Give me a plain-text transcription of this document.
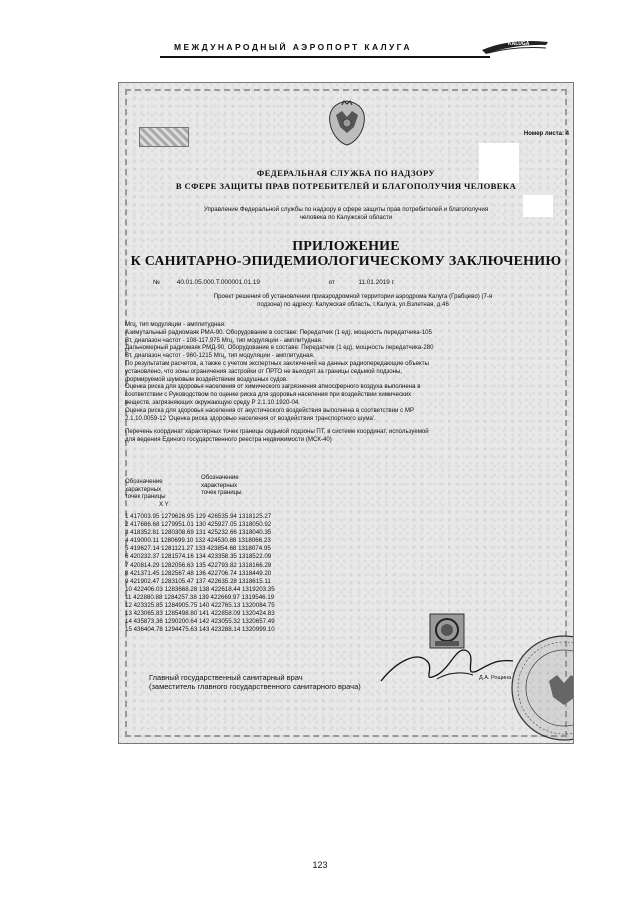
МЕЖДУНАРОДНЫЙ АЭРОПОРТ КАЛУГА	KALUGA
Номер листа: 4
ФЕДЕРАЛЬНАЯ СЛУЖБА ПО НАДЗОРУ
В СФЕРЕ ЗАЩИТЫ ПРАВ ПОТРЕБИТЕЛЕЙ И БЛАГОПОЛУЧИЯ ЧЕЛОВЕКА
Управление Федеральной службы по надзору в сфере защиты прав потребителей и благополучия
человека по Калужской области
ПРИЛОЖЕНИЕ
К САНИТАРНО-ЭПИДЕМИОЛОГИЧЕСКОМУ ЗАКЛЮЧЕНИЮ
№	40.01.05.000.Т.000001.01.19	от	11.01.2019 г.
Проект решения об установлении приаэродромной территории аэродрома Калуга (Грабцево) (7-я
подзона) по адресу: Калужская область, г.Калуга, ул.Взлетная, д.46
Мгц, тип модуляции - амплитудная.
Азимутальный радиомаяк РМА-90. Оборудование в составе: Передатчик (1 ед), мощность передатчика-105
Вт, диапазон частот - 108-117,975 Мгц, тип модуляции - амплитудная.
Дальномерный радиомаяк РМД-90. Оборудование в составе: Передатчик (1 ед), мощность передатчика-280
Вт, диапазон частот - 960-1215 Мгц, тип модуляции - амплитудная.
По результатам расчетов, а также с учетом экспертных заключений на данных радиопередающие объекты
установлено, что зоны ограничения застройки от ПРТО не выходят за границы седьмой подзоны,
формируемой шумовым воздействием воздушных судов.
Оценка риска для здоровья населения от химического загрязнения атмосферного воздуха выполнена в
соответствии с Руководством по оценке риска для здоровья населения при воздействии химических
веществ, загрязняющих окружающую среду Р 2.1.10.1920-04.
Оценка риска для здоровья населения от акустического воздействия выполнена в соответствии с МР
2.1.10.0059-12 'Оценка риска здоровью населения от воздействия транспортного шума'.
Перечень координат характерных точек границы седьмой подзоны ПТ, в системе координат, используемой
для ведения Единого государственного реестра недвижимости (МСК-40)
Обозначение
характерных
точек границы
Обозначение
характерных
точек границы
X Y
1 417003.95 1279626.95 129 426535.94 1318125.27
2 417686.68 1279951.01 130 425927.05 1318050.92
3 418352.81 1280308.69 131 425232.66 1318040.35
4 419000.11 1280699.10 132 424530.88 1318066.23
5 419627.14 1281121.27 133 423854.68 1318074.95
6 420232.37 1281574.16 134 423358.35 1318522.09
7 420814.29 1282056.63 135 422793.82 1318166.29
8 421371.45 1282567.48 136 422706.74 1318449.20
9 421902.47 1283105.47 137 422635.28 1318615.11
10 422406.03 1283668.28 138 422618.44 1319203.35
11 422880.88 1284257.38 139 422669.97 1319546.19
12 423325.85 1284905.75 140 422765.13 1320084.75
13 423065.83 1285498.80 141 422858.09 1320424.83
14 435873.36 1290200.64 142 423055.32 1320657.49
15 436404.78 1294475.63 143 423288.14 1320999.10
Главный государственный санитарный врач
(заместитель главного государственного санитарного врача)
Д.А. Рощина
123
